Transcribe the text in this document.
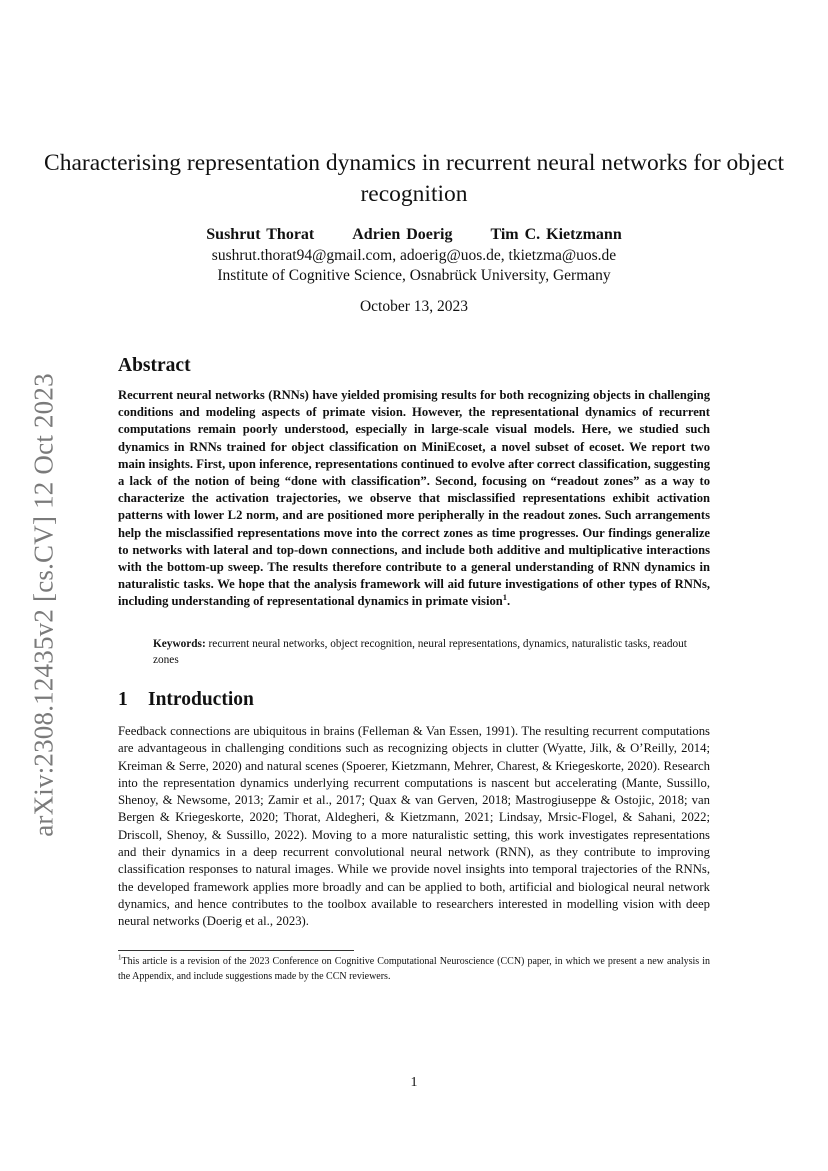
arXiv:2308.12435v2 [cs.CV] 12 Oct 2023
Characterising representation dynamics in recurrent neural networks for object recognition
Sushrut Thorat Adrien Doerig Tim C. Kietzmann
sushrut.thorat94@gmail.com, adoerig@uos.de, tkietzma@uos.de
Institute of Cognitive Science, Osnabrück University, Germany
October 13, 2023
Abstract

Recurrent neural networks (RNNs) have yielded promising results for both recognizing objects in challenging conditions and modeling aspects of primate vision. However, the representational dynamics of recurrent computations remain poorly understood, especially in large-scale visual models. Here, we studied such dynamics in RNNs trained for object classification on MiniEcoset, a novel subset of ecoset. We report two main insights. First, upon inference, representations continued to evolve after correct classification, suggesting a lack of the notion of being “done with classification”. Second, focusing on “readout zones” as a way to characterize the activation trajectories, we observe that misclassified representations exhibit activation patterns with lower L2 norm, and are positioned more peripherally in the readout zones. Such arrangements help the misclassified representations move into the correct zones as time progresses. Our findings generalize to networks with lateral and top-down connections, and include both additive and multiplicative interactions with the bottom-up sweep. The results therefore contribute to a general understanding of RNN dynamics in naturalistic tasks. We hope that the analysis framework will aid future investigations of other types of RNNs, including understanding of representational dynamics in primate vision$^1$.

Keywords: recurrent neural networks, object recognition, neural representations, dynamics, naturalistic tasks, readout zones

1 Introduction

Feedback connections are ubiquitous in brains (Felleman & Van Essen, 1991). The resulting recurrent computations are advantageous in challenging conditions such as recognizing objects in clutter (Wyatte, Jilk, & O’Reilly, 2014; Kreiman & Serre, 2020) and natural scenes (Spoerer, Kietzmann, Mehrer, Charest, & Kriegeskorte, 2020). Research into the representation dynamics underlying recurrent computations is nascent but accelerating (Mante, Sussillo, Shenoy, & Newsome, 2013; Zamir et al., 2017; Quax & van Gerven, 2018; Mastrogiuseppe & Ostojic, 2018; van Bergen & Kriegeskorte, 2020; Thorat, Aldegheri, & Kietzmann, 2021; Lindsay, Mrsic-Flogel, & Sahani, 2022; Driscoll, Shenoy, & Sussillo, 2022). Moving to a more naturalistic setting, this work investigates representations and their dynamics in a deep recurrent convolutional neural network (RNN), as they contribute to improving classification responses to natural images. While we provide novel insights into temporal trajectories of the RNNs, the developed framework applies more broadly and can be applied to both, artificial and biological neural network dynamics, and hence contributes to the toolbox available to researchers interested in modelling vision with deep neural networks (Doerig et al., 2023).

$^1$This article is a revision of the 2023 Conference on Cognitive Computational Neuroscience (CCN) paper, in which we present a new analysis in the Appendix, and include suggestions made by the CCN reviewers.

1
